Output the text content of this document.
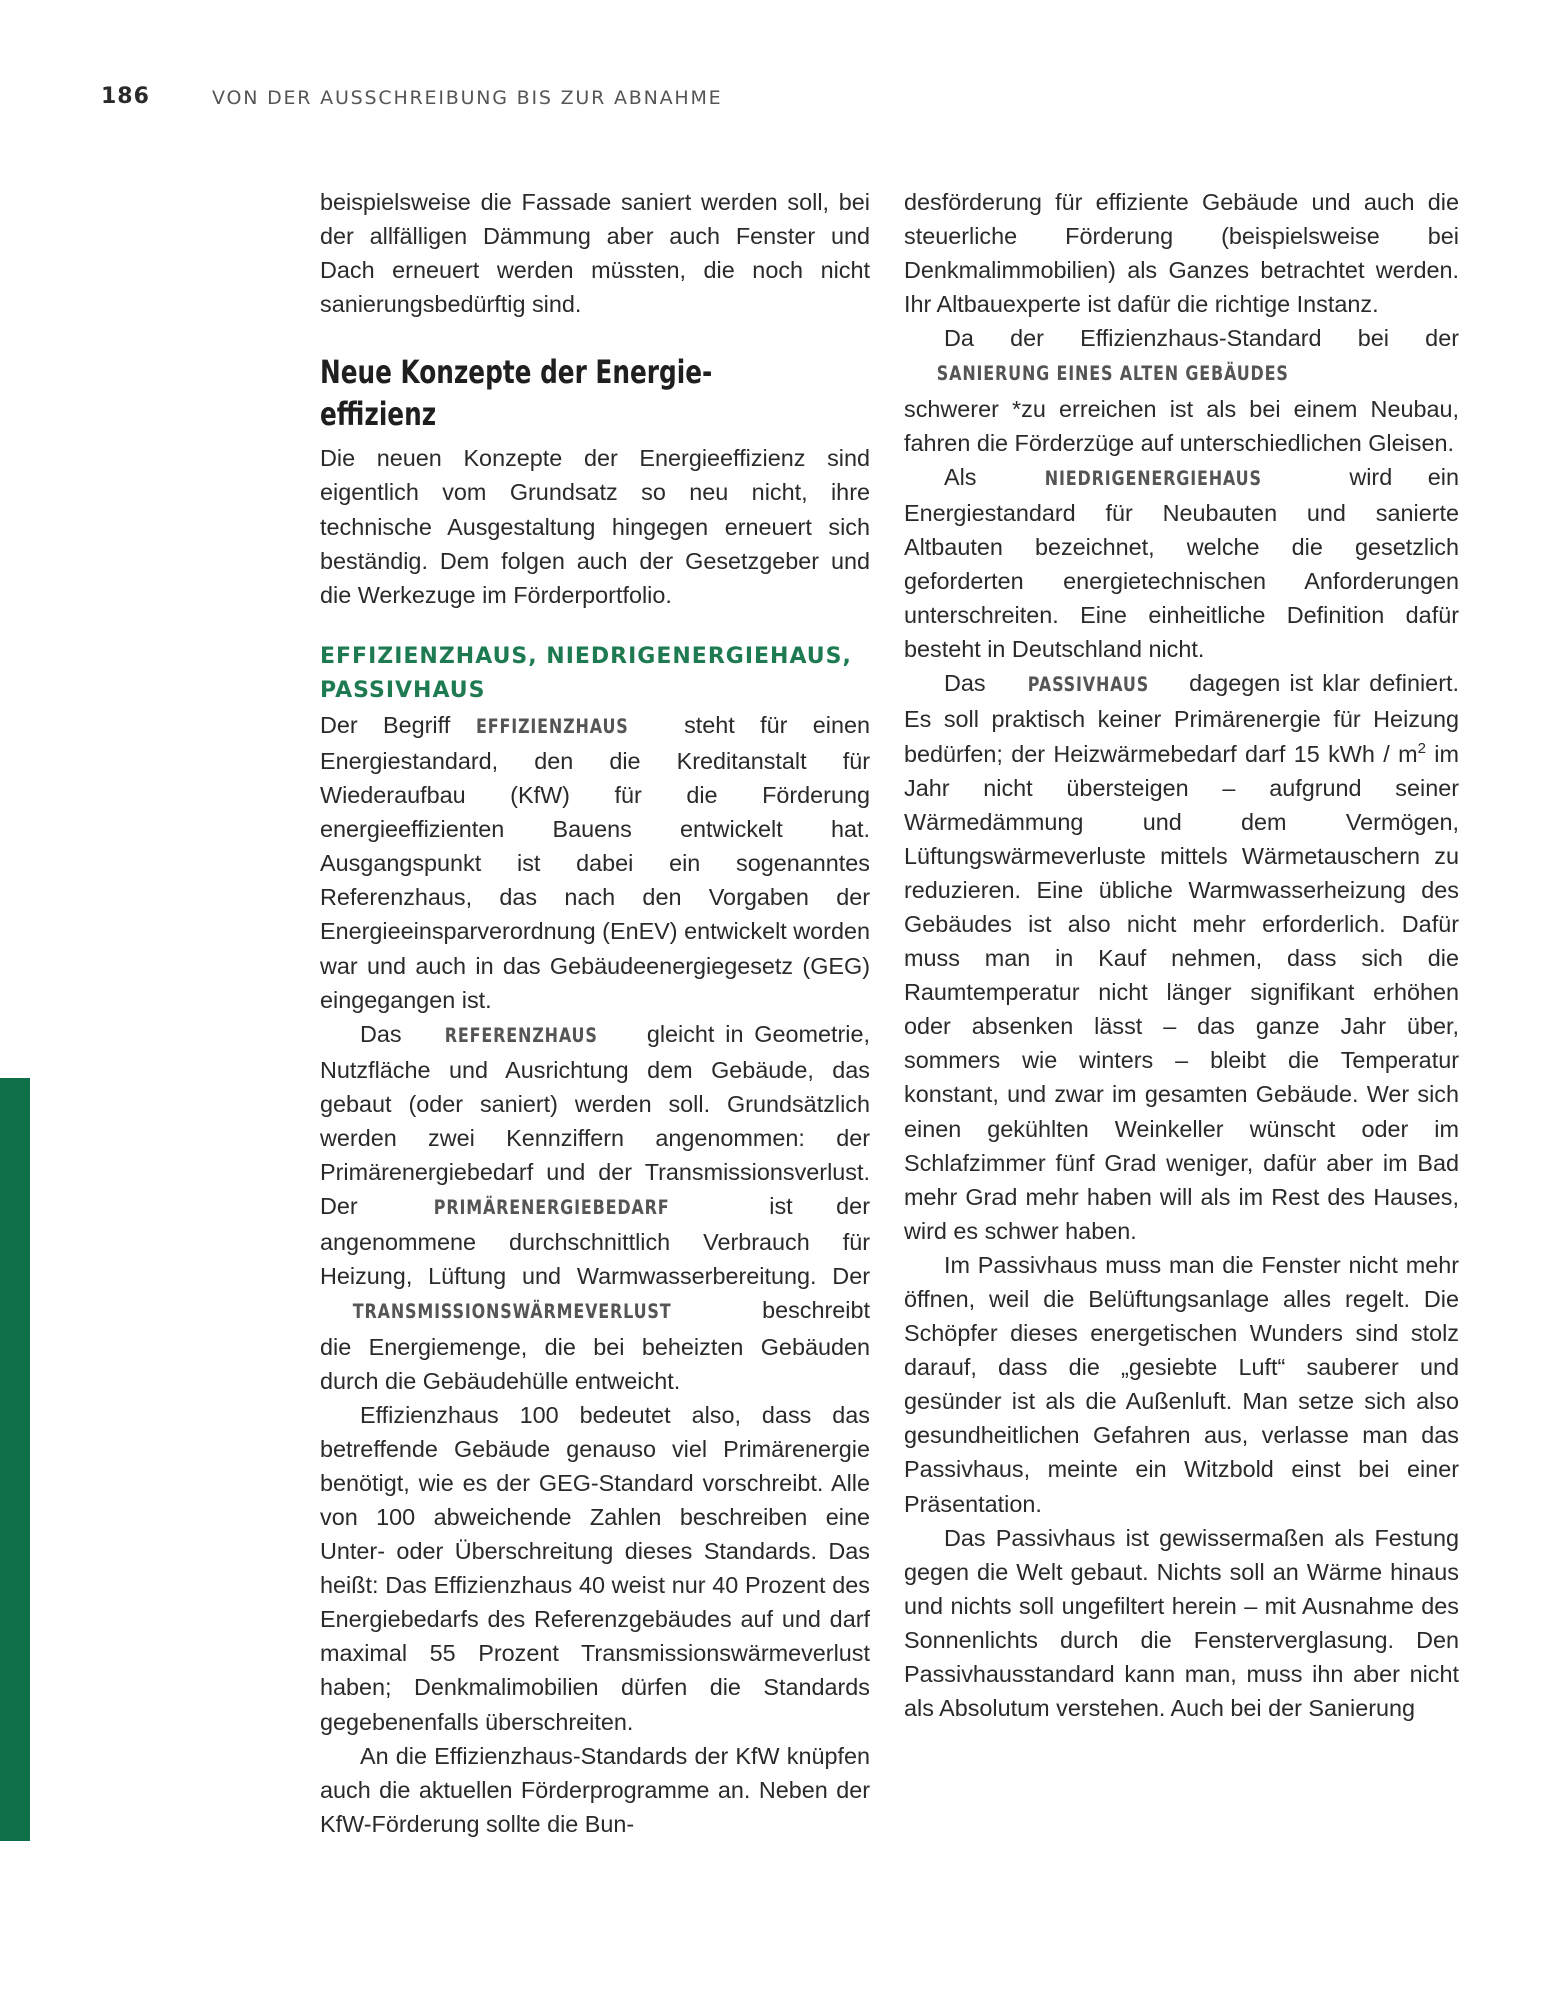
186	VON DER AUSSCHREIBUNG BIS ZUR ABNAHME

beispielsweise die Fassade saniert werden soll, bei der allfälligen Dämmung aber auch Fenster und Dach erneuert werden müssten, die noch nicht sanierungsbedürftig sind.

Neue Konzepte der Energie-
effizienz

Die neuen Konzepte der Energieeffizienz sind eigentlich vom Grundsatz so neu nicht, ihre technische Ausgestaltung hingegen erneuert sich beständig. Dem folgen auch der Gesetzgeber und die Werkezuge im Förderportfolio.

EFFIZIENZHAUS, NIEDRIGENERGIEHAUS,
PASSIVHAUS

Der Begriff EFFIZIENZHAUS steht für einen Energiestandard, den die Kreditanstalt für Wiederaufbau (KfW) für die Förderung energieeffizienten Bauens entwickelt hat. Ausgangspunkt ist dabei ein sogenanntes Referenzhaus, das nach den Vorgaben der Energieeinsparverordnung (EnEV) entwickelt worden war und auch in das Gebäudeenergiegesetz (GEG) eingegangen ist.

Das REFERENZHAUS gleicht in Geometrie, Nutzfläche und Ausrichtung dem Gebäude, das gebaut (oder saniert) werden soll. Grundsätzlich werden zwei Kennziffern angenommen: der Primärenergiebedarf und der Transmissionsverlust. Der PRIMÄRENERGIEBEDARF ist der angenommene durchschnittlich Verbrauch für Heizung, Lüftung und Warmwasserbereitung. Der TRANSMISSIONSWÄRMEVERLUST	beschreibt die Energiemenge, die bei beheizten Gebäuden durch die Gebäudehülle entweicht.

Effizienzhaus 100 bedeutet also, dass das betreffende Gebäude genauso viel Primärenergie benötigt, wie es der GEG-Standard vorschreibt. Alle von 100 abweichende Zahlen beschreiben eine Unter- oder Überschreitung dieses Standards. Das heißt: Das Effizienzhaus 40 weist nur 40 Prozent des Energiebedarfs des Referenzgebäudes auf und darf maximal 55 Prozent Transmissionswärmeverlust haben; Denkmalimobilien dürfen die Standards gegebenenfalls überschreiten.

An die Effizienzhaus-Standards der KfW knüpfen auch die aktuellen Förderprogramme an. Neben der KfW-Förderung sollte die Bun-

desförderung für effiziente Gebäude und auch die steuerliche Förderung (beispielsweise bei Denkmalimmobilien) als Ganzes betrachtet werden. Ihr Altbauexperte ist dafür die richtige Instanz.

Da der Effizienzhaus-Standard bei der SANIERUNG EINES ALTEN GEBÄUDES schwerer *zu erreichen ist als bei einem Neubau, fahren die Förderzüge auf unterschiedlichen Gleisen.

Als NIEDRIGENERGIEHAUS wird ein Energiestandard für Neubauten und sanierte Altbauten bezeichnet, welche die gesetzlich geforderten energietechnischen Anforderungen unterschreiten. Eine einheitliche Definition dafür besteht in Deutschland nicht.

Das PASSIVHAUS dagegen ist klar definiert. Es soll praktisch keiner Primärenergie für Heizung bedürfen; der Heizwärmebedarf darf 15 kWh / $m^2$ im Jahr nicht übersteigen – aufgrund seiner Wärmedämmung und dem Vermögen, Lüftungswärmeverluste mittels Wärmetauschern zu reduzieren. Eine übliche Warmwasserheizung des Gebäudes ist also nicht mehr erforderlich. Dafür muss man in Kauf nehmen, dass sich die Raumtemperatur nicht länger signifikant erhöhen oder absenken lässt – das ganze Jahr über, sommers wie winters – bleibt die Temperatur konstant, und zwar im gesamten Gebäude. Wer sich einen gekühlten Weinkeller wünscht oder im Schlafzimmer fünf Grad weniger, dafür aber im Bad mehr Grad mehr haben will als im Rest des Hauses, wird es schwer haben.

Im Passivhaus muss man die Fenster nicht mehr öffnen, weil die Belüftungsanlage alles regelt. Die Schöpfer dieses energetischen Wunders sind stolz darauf, dass die „gesiebte Luft“ sauberer und gesünder ist als die Außenluft. Man setze sich also gesundheitlichen Gefahren aus, verlasse man das Passivhaus, meinte ein Witzbold einst bei einer Präsentation.

Das Passivhaus ist gewissermaßen als Festung gegen die Welt gebaut. Nichts soll an Wärme hinaus und nichts soll ungefiltert herein – mit Ausnahme des Sonnenlichts durch die Fensterverglasung. Den Passivhausstandard kann man, muss ihn aber nicht als Absolutum verstehen. Auch bei der Sanierung
